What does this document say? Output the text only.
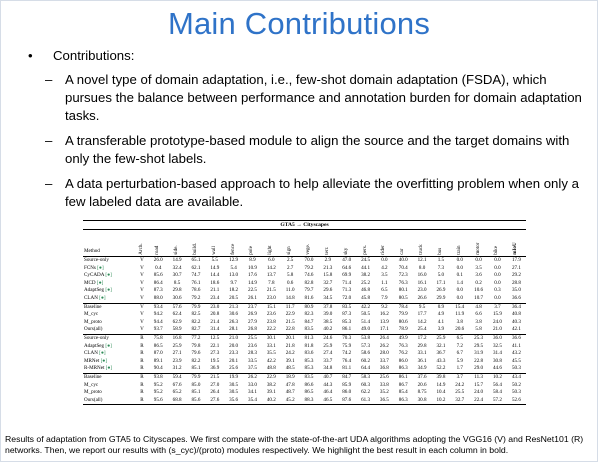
Main Contributions
• Contributions:
– A novel type of domain adaptation, i.e., few-shot domain adaptation (FSDA), which pursues the balance between performance and annotation burden for domain adaptation tasks.
– A transferable prototype-based module to align the source and the target domains with only the few-shot labels.
– A data perturbation-based approach to help alleviate the overfitting problem when only a few labeled data are available.
GTA5 → Cityscapes																					
Method	Arch.	road	side.	build.	wall	fence	pole	light	sign	vege.	terr.	sky	pers.	rider	car	truck	bus	train	motor	bike	mIoU
Source-only	V	26.0	14.9	65.1	5.5	12.9	8.9	6.0	2.5	70.0	2.9	47.0	24.5	0.0	40.0	12.1	1.5	0.0	0.0	0.0	17.9
FCNs [●]	V	0.4	32.4	62.1	14.9	5.4	10.9	14.2	2.7	79.2	21.3	64.6	44.1	4.2	70.4	8.0	7.3	0.0	3.5	0.0	27.1
CyCADA [●]	V	85.6	30.7	74.7	14.4	13.0	17.6	13.7	5.8	74.6	15.8	69.9	38.2	3.5	72.3	16.0	5.0	0.1	3.6	0.0	29.2
MCD [●]	V	86.4	8.5	76.1	18.6	9.7	14.9	7.8	0.6	82.8	32.7	71.4	25.2	1.1	76.3	16.1	17.1	1.4	0.2	0.0	28.8
AdaptSeg [●]	V	87.3	29.8	78.6	21.1	18.2	22.5	21.5	11.0	79.7	29.6	71.3	46.8	6.5	80.1	23.0	26.9	0.0	10.6	0.3	35.0
CLAN [●]	V	88.0	30.6	79.2	23.4	20.5	26.1	23.0	14.8	81.6	34.5	72.0	45.8	7.9	80.5	26.6	29.9	0.0	10.7	0.0	36.6
Baseline	V	93.4	57.6	79.9	23.0	21.3	23.7	15.1	11.7	80.9	37.8	83.5	42.2	9.2	78.4	9.5	0.9	15.4	4.8	3.7	36.4
M_cyc	V	94.2	62.4	82.5	20.8	30.6	26.9	23.6	22.9	82.3	39.0	87.3	50.5	16.2	79.9	17.7	4.9	11.9	6.6	15.9	40.8
M_proto	V	94.4	62.9	82.2	21.4	26.3	27.9	23.8	21.5	84.7	38.5	85.3	51.4	13.9	80.6	14.2	4.1	3.8	3.8	24.0	40.3
Ours(all)	V	93.7	58.9	82.7	31.4	28.1	26.8	22.2	22.8	83.5	40.2	86.1	49.0	17.1	78.9	25.4	3.9	20.6	5.8	21.0	42.1
Source-only	R	75.8	16.8	77.2	12.5	21.0	25.5	30.1	20.1	81.3	24.6	70.3	53.8	26.4	49.9	17.2	25.9	6.5	25.3	36.0	36.6
AdaptSeg [●]	R	86.5	25.9	79.8	22.1	20.0	23.6	33.1	21.8	81.8	25.9	75.9	57.3	26.2	76.3	29.8	32.1	7.2	29.5	32.5	41.1
CLAN [●]	R	87.0	27.1	79.6	27.3	23.3	28.3	35.5	24.2	83.6	27.4	74.2	58.6	28.0	76.2	33.1	36.7	6.7	31.9	31.4	43.2
MRNet [●]	R	89.1	23.9	82.2	19.5	20.1	33.5	42.2	39.1	85.3	33.7	76.4	60.2	33.7	86.0	36.1	43.3	5.9	22.8	30.8	45.5
R-MRNet [●]	R	90.4	31.2	85.1	36.9	25.6	37.5	48.8	48.5	85.3	34.8	81.1	64.4	36.8	86.3	34.9	52.2	1.7	29.0	44.6	50.3
Baseline	R	93.8	59.4	79.9	21.5	19.9	26.2	22.9	18.9	83.5	40.7	84.7	58.3	25.6	86.1	37.6	39.8	3.7	11.3	10.2	43.4
M_cyc	R	95.2	67.6	85.0	27.0	30.5	33.0	38.2	47.8	86.6	44.3	85.9	60.3	33.8	86.7	20.6	14.9	24.2	15.7	56.4	50.2
M_proto	R	95.2	65.2	85.1	26.4	30.5	34.1	39.1	48.7	86.5	46.4	86.0	62.2	35.2	85.4	8.75	10.4	25.5	24.0	58.4	50.3
Ours(all)	R	95.6	68.8	85.6	27.6	35.6	35.4	40.2	45.2	88.3	46.5	87.6	61.3	36.5	86.3	30.8	10.2	32.7	22.4	57.2	52.6
Results of adaptation from GTA5 to Cityscapes. We first compare with the state-of-the-art UDA algorithms adopting the VGG16 (V) and ResNet101 (R) networks. Then, we report our results with (s_cyc)/(proto) modules respectively. We highlight the best result in each column in bold.
